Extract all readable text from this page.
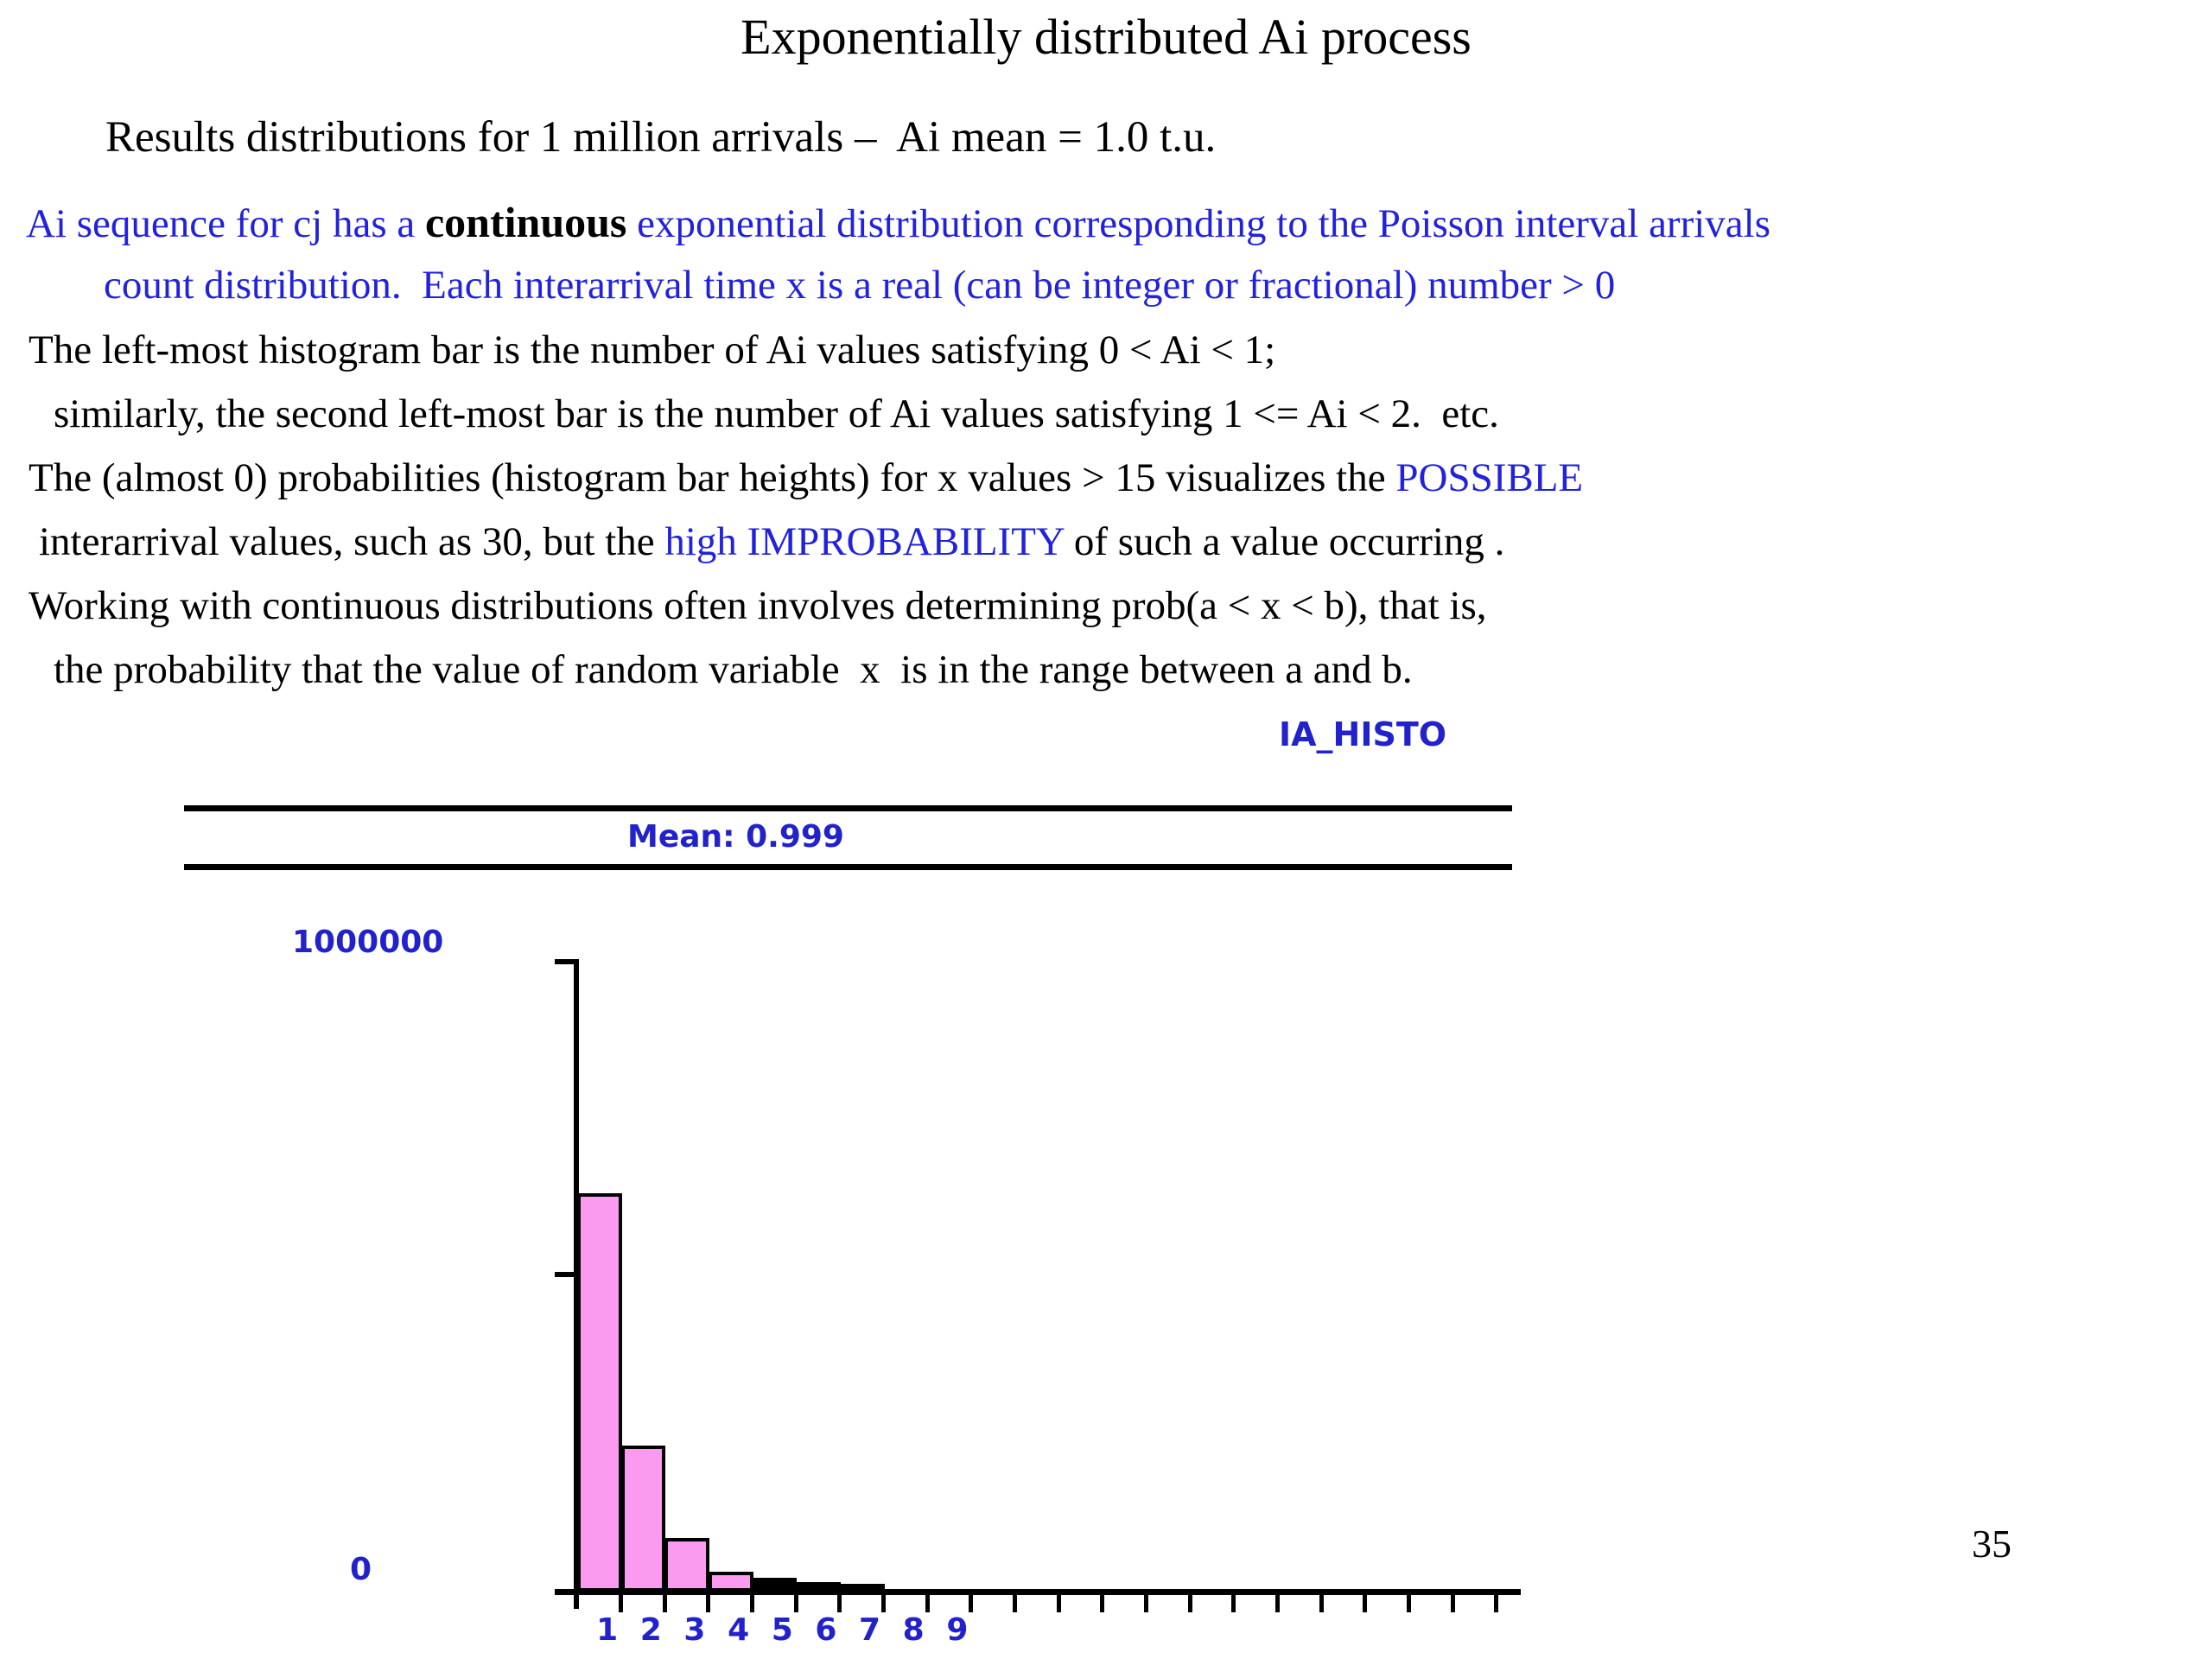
Exponentially distributed Ai process
Results distributions for 1 million arrivals –  Ai mean = 1.0 t.u.
Ai sequence for cj has a continuous exponential distribution corresponding to the Poisson interval arrivals
count distribution.  Each interarrival time x is a real (can be integer or fractional) number > 0
The left-most histogram bar is the number of Ai values satisfying 0 < Ai < 1;
similarly, the second left-most bar is the number of Ai values satisfying 1 <= Ai < 2.  etc.
The (almost 0) probabilities (histogram bar heights) for x values > 15 visualizes the POSSIBLE
interarrival values, such as 30, but the high IMPROBABILITY of such a value occurring .
Working with continuous distributions often involves determining prob(a < x < b), that is,
the probability that the value of random variable  x  is in the range between a and b.
IA_HISTO
Mean: 0.999
1000000
0
1 2 3 4 5 6 7 8 9
35
